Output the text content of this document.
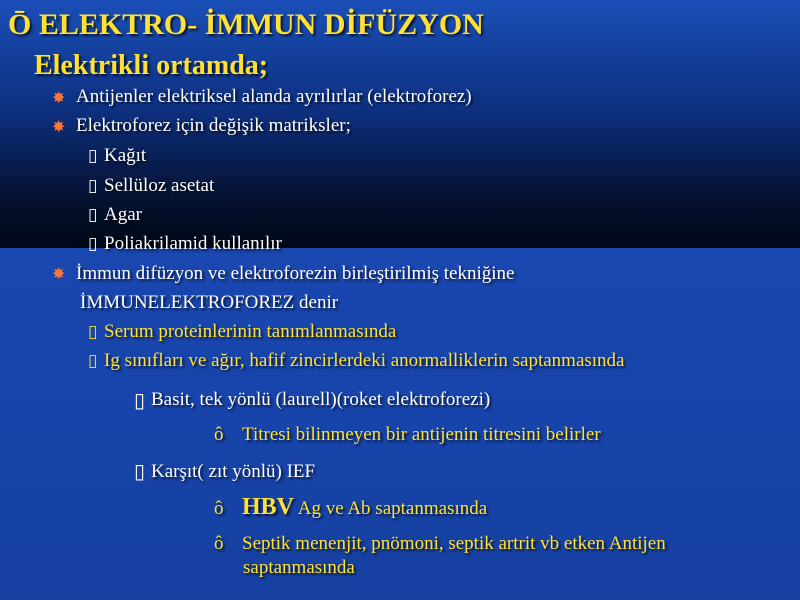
Ō ELEKTRO- İMMUN DİFÜZYON
Elektrikli ortamda;
✸ Antijenler elektriksel alanda ayrılırlar (elektroforez)
✸ Elektroforez için değişik matriksler;
▯ Kağıt
▯ Sellüloz asetat
▯ Agar
▯ Poliakrilamid kullanılır
✸ İmmun difüzyon ve elektroforezin birleştirilmiş tekniğine
İMMUNELEKTROFOREZ denir
▯ Serum proteinlerinin tanımlanmasında
▯ Ig sınıfları ve ağır, hafif zincirlerdeki anormalliklerin saptanmasında
▯ Basit, tek yönlü (laurell)(roket elektroforezi)
ô Titresi bilinmeyen bir antijenin titresini belirler
▯ Karşıt( zıt yönlü) IEF
ô HBV Ag ve Ab saptanmasında
ô Septik menenjit, pnömoni, septik artrit vb etken Antijen
saptanmasında
